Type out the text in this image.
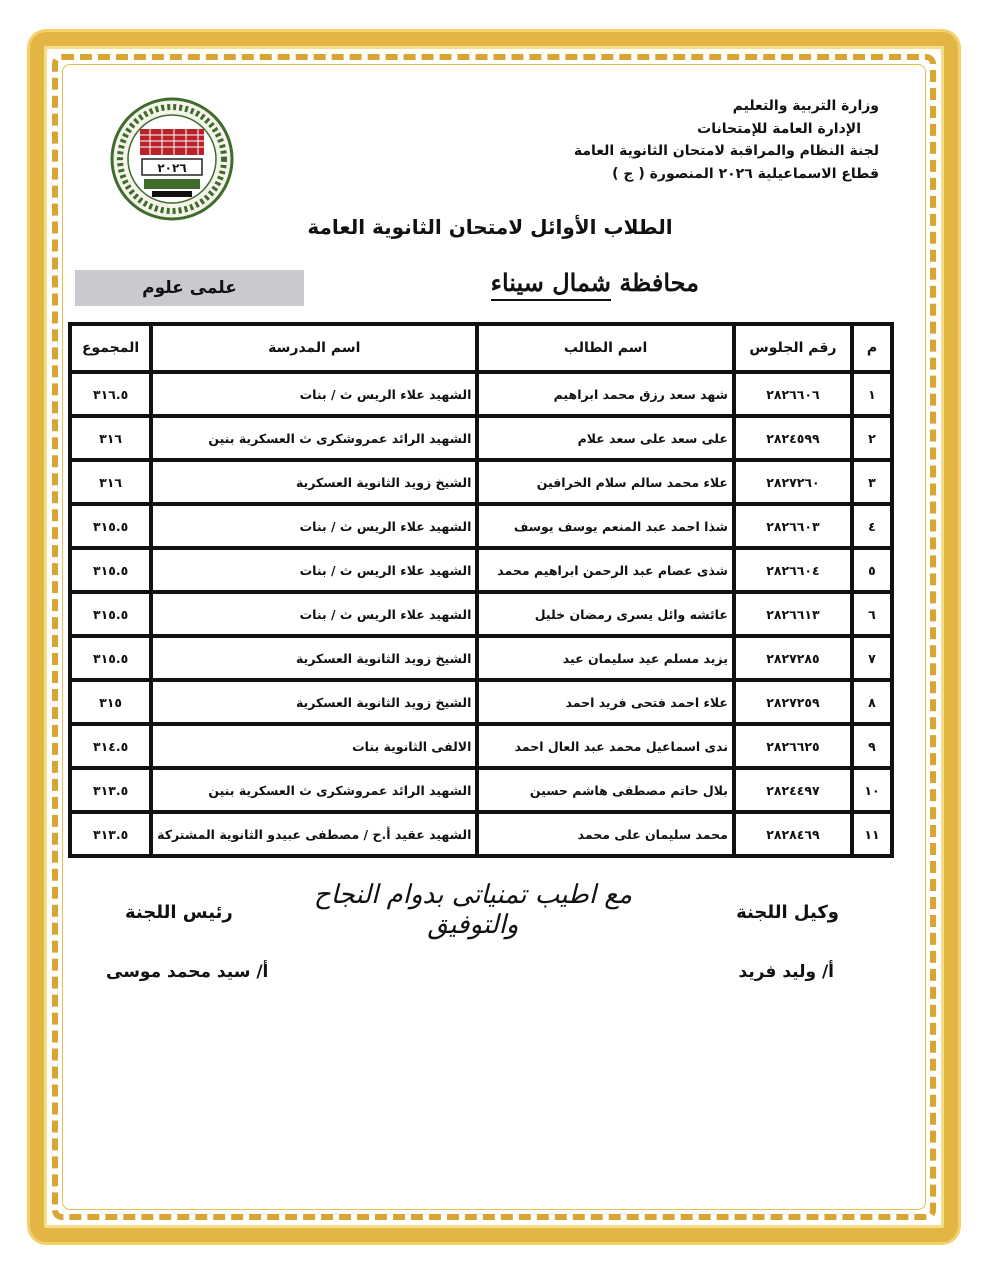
وزارة التربية والتعليم
الإدارة العامة للإمتحانات
لجنة النظام والمراقبة لامتحان الثانوية العامة
قطاع الاسماعيلية ٢٠٢٦ المنصورة ( ج )
٢٠٢٦
الطلاب الأوائل لامتحان الثانوية العامة
محافظة شمال سيناء
علمى علوم
م	رقم الجلوس	اسم الطالب	اسم المدرسة	المجموع
١	٢٨٢٦٦٠٦	شهد سعد رزق محمد ابراهيم	الشهيد علاء الريس ث / بنات	٣١٦.٥
٢	٢٨٢٤٥٩٩	على سعد على سعد علام	الشهيد الرائد عمروشكرى ث العسكرية بنين	٣١٦
٣	٢٨٢٧٢٦٠	علاء محمد سالم سلام الخرافين	الشيخ زويد الثانوية العسكرية	٣١٦
٤	٢٨٢٦٦٠٣	شذا احمد عبد المنعم يوسف يوسف	الشهيد علاء الريس ث / بنات	٣١٥.٥
٥	٢٨٢٦٦٠٤	شذى عصام عبد الرحمن ابراهيم محمد	الشهيد علاء الريس ث / بنات	٣١٥.٥
٦	٢٨٢٦٦١٣	عائشه وائل يسرى رمضان خليل	الشهيد علاء الريس ث / بنات	٣١٥.٥
٧	٢٨٢٧٢٨٥	يزيد مسلم عيد سليمان عيد	الشيخ زويد الثانوية العسكرية	٣١٥.٥
٨	٢٨٢٧٢٥٩	علاء احمد فتحى فريد احمد	الشيخ زويد الثانوية العسكرية	٣١٥
٩	٢٨٢٦٦٢٥	ندى اسماعيل محمد عبد العال احمد	الالفى الثانوية بنات	٣١٤.٥
١٠	٢٨٢٤٤٩٧	بلال حاتم مصطفى هاشم حسين	الشهيد الرائد عمروشكرى ث العسكرية بنين	٣١٣.٥
١١	٢٨٢٨٤٦٩	محمد سليمان على محمد	الشهيد عقيد أ.ح / مصطفى عبيدو الثانوية المشتركة	٣١٣.٥
مع اطيب تمنياتى بدوام النجاح والتوفيق	وكيل اللجنة
رئيس اللجنة
أ/ وليد فريد
أ/ سيد محمد موسى
